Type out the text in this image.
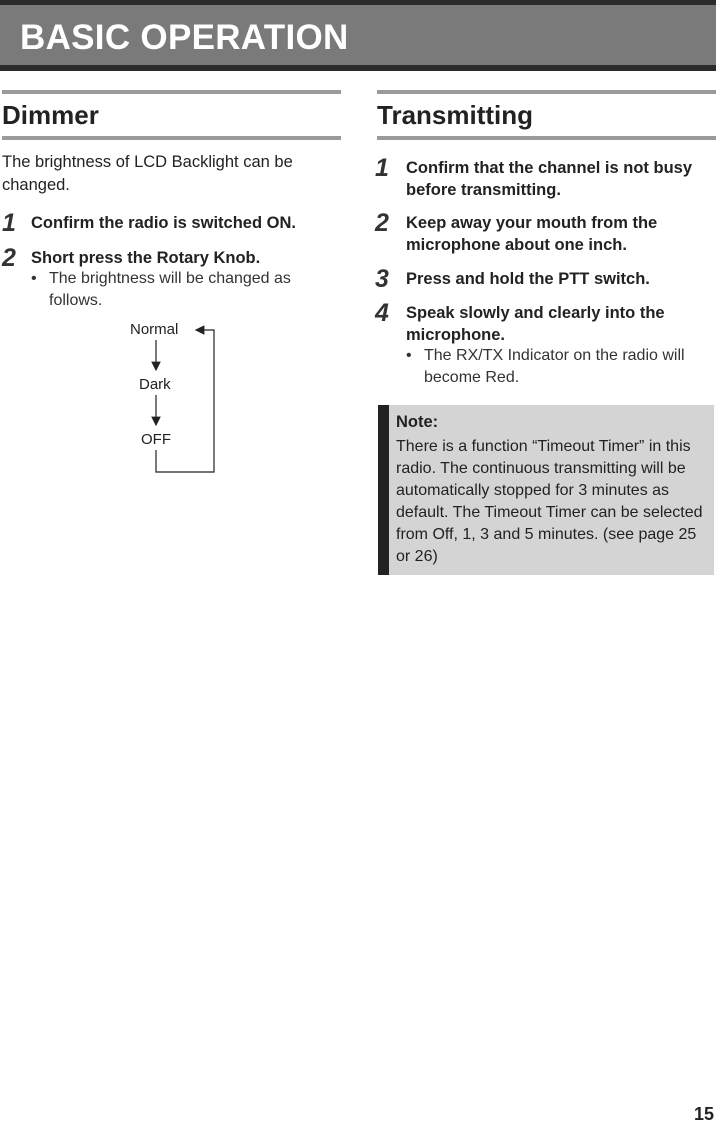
BASIC OPERATION
Dimmer
The brightness of LCD Backlight can be changed.
1 Confirm the radio is switched ON.
2 Short press the Rotary Knob.
• The brightness will be changed as follows.
Normal
Dark
OFF
Transmitting
1 Confirm that the channel is not busy before transmitting.
2 Keep away your mouth from the microphone about one inch.
3 Press and hold the PTT switch.
4 Speak slowly and clearly into the microphone.
• The RX/TX Indicator on the radio will become Red.
Note:
There is a function “Timeout Timer” in this radio. The continuous transmitting will be automatically stopped for 3 minutes as default. The Timeout Timer can be selected from Off, 1, 3 and 5 minutes. (see page 25 or 26)
15
